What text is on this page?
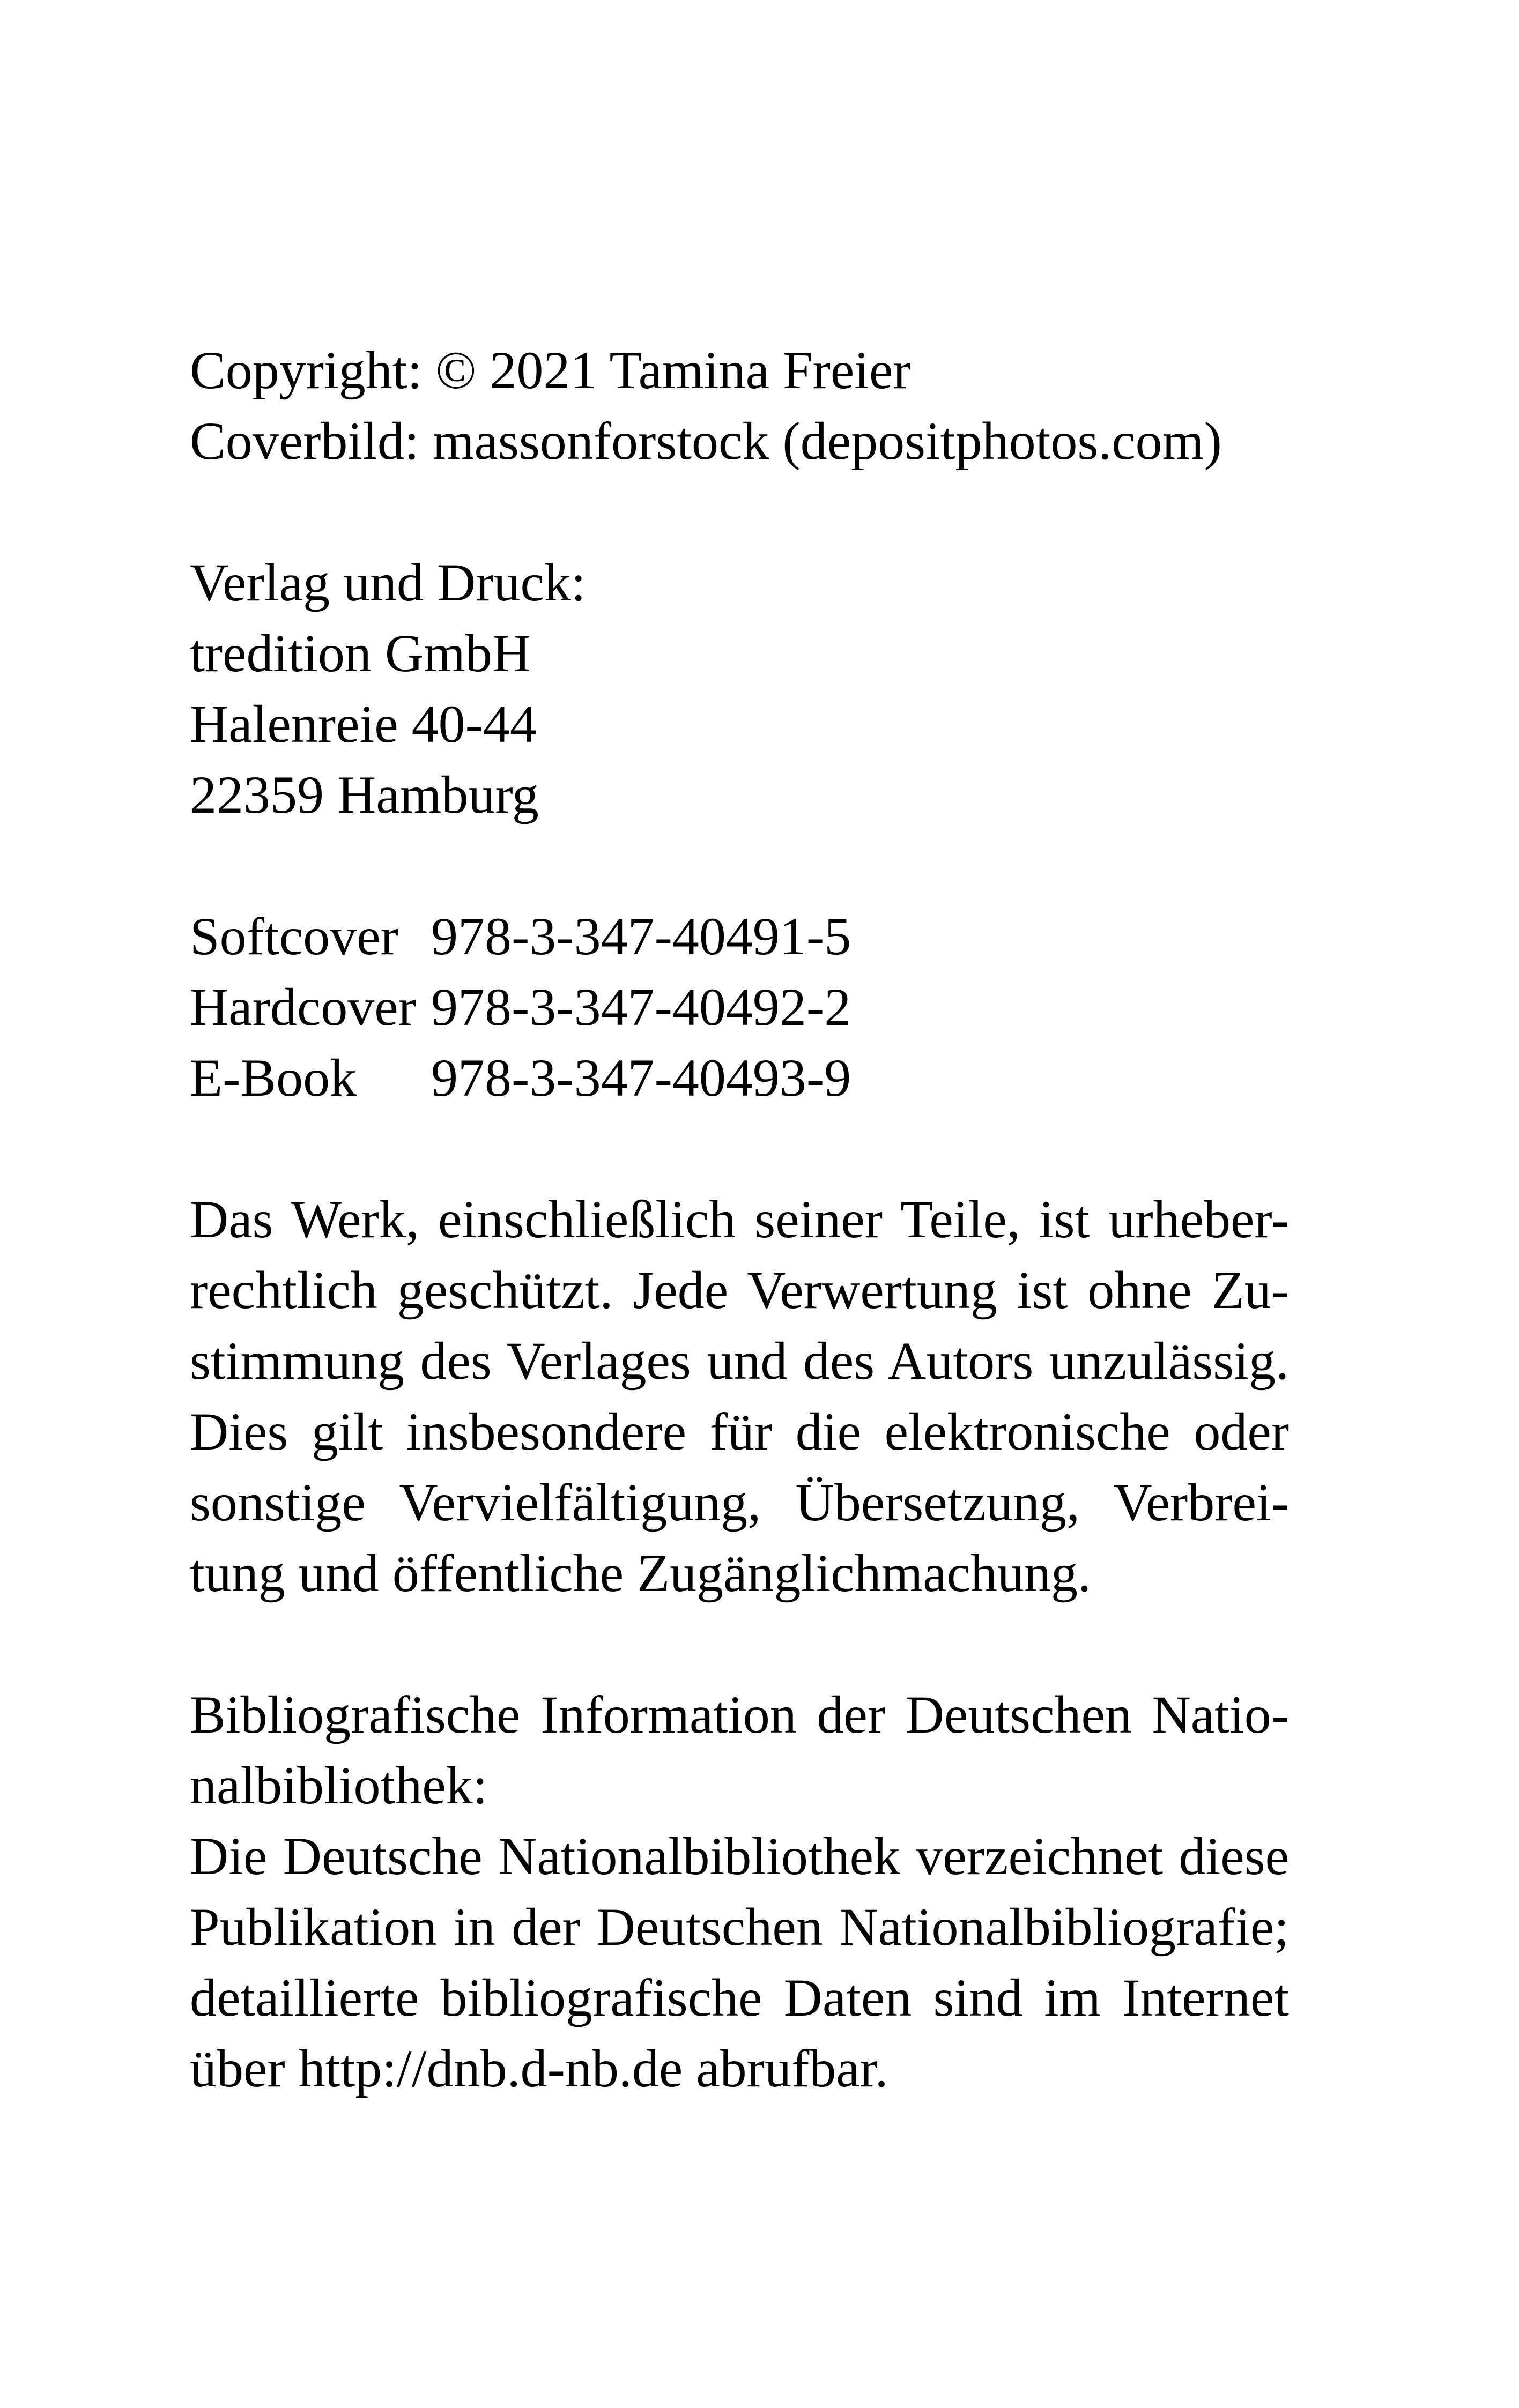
Copyright: © 2021 Tamina Freier
Coverbild: massonforstock (depositphotos.com)
Verlag und Druck:
tredition GmbH
Halenreie 40-44
22359 Hamburg
Softcover 978-3-347-40491-5
Hardcover 978-3-347-40492-2
E-Book	978-3-347-40493-9
Das Werk, einschließlich seiner Teile, ist urheber-
rechtlich geschützt. Jede Verwertung ist ohne Zu-
stimmung des Verlages und des Autors unzulässig.
Dies gilt insbesondere für die elektronische oder
sonstige Vervielfältigung, Übersetzung, Verbrei-
tung und öffentliche Zugänglichmachung.
Bibliografische Information der Deutschen Natio-
nalbibliothek:
Die Deutsche Nationalbibliothek verzeichnet diese
Publikation in der Deutschen Nationalbibliografie;
detaillierte bibliografische Daten sind im Internet
über http://dnb.d-nb.de abrufbar.
